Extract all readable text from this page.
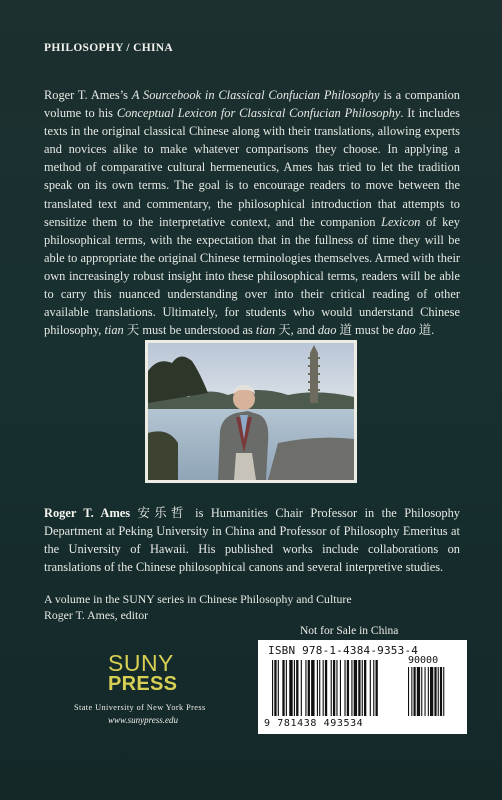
PHILOSOPHY / CHINA
Roger T. Ames’s A Sourcebook in Classical Confucian Philosophy is a companion volume to his Conceptual Lexicon for Classical Confucian Philosophy. It includes texts in the original classical Chinese along with their translations, allowing experts and novices alike to make whatever comparisons they choose. In applying a method of comparative cultural hermeneutics, Ames has tried to let the tradition speak on its own terms. The goal is to encourage readers to move between the translated text and commentary, the philosophical introduction that attempts to sensitize them to the interpretative context, and the companion Lexicon of key philosophical terms, with the expectation that in the fullness of time they will be able to appropriate the original Chinese terminologies themselves. Armed with their own increasingly robust insight into these philosophical terms, readers will be able to carry this nuanced understanding over into their critical reading of other available translations. Ultimately, for students who would understand Chinese philosophy, tian 天 must be understood as tian 天, and dao 道 must be dao 道.
Roger T. Ames 安乐哲 is Humanities Chair Professor in the Philosophy Department at Peking University in China and Professor of Philosophy Emeritus at the University of Hawaii. His published works include collaborations on translations of the Chinese philosophical canons and several interpretive studies.
A volume in the SUNY series in Chinese Philosophy and Culture
Roger T. Ames, editor
Not for Sale in China
ISBN 978-1-4384-9353-4
90000
9 781438 493534
SUNY
PRESS
State University of New York Press
www.sunypress.edu
